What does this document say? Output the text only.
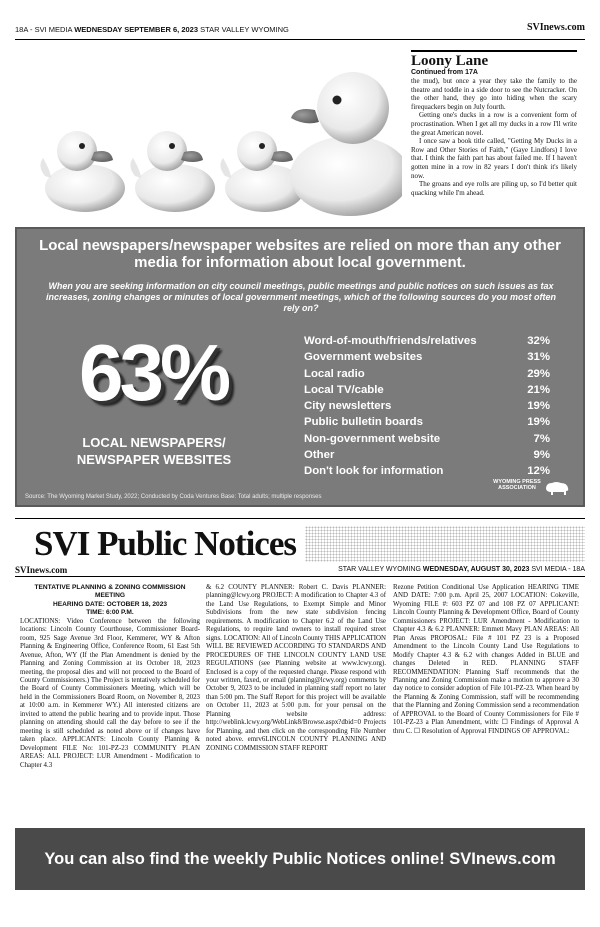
18A - SVI MEDIA WEDNESDAY SEPTEMBER 6, 2023 STAR VALLEY WYOMING	SVInews.com
Loony Lane
Continued from 17A

the mud), but once a year they take the family to the theatre and toddle in a side door to see the Nutcracker. On the other hand, they go into hiding when the scary firequackers begin on July fourth.

Getting one's ducks in a row is a convenient form of procrastination. When I get all my ducks in a row I'll write the great American novel.

I once saw a book title called, "Getting My Ducks in a Row and Other Stories of Faith," (Gaye Lindfors) I love that. I think the faith part has about failed me. If I haven't gotten mine in a row in 82 years I don't think it's likely now.

The groans and eye rolls are piling up, so I'd better quit quacking while I'm ahead.

Local newspapers/newspaper websites are relied on more than any other media for information about local government.
When you are seeking information on city council meetings, public meetings and public notices on such issues as tax increases, zoning changes or minutes of local government meetings, which of the following sources do you most often rely on?
63%
LOCAL NEWSPAPERS/ NEWSPAPER WEBSITES
Word-of-mouth/friends/relatives	32%
Government websites	31%
Local radio	29%
Local TV/cable	21%
City newsletters	19%
Public bulletin boards	19%
Non-government website	7%
Other	9%
Don't look for information	12%
Source: The Wyoming Market Study, 2022; Conducted by Coda Ventures Base: Total adults; multiple responses
WYOMING PRESS ASSOCIATION
SVI Public Notices
SVInews.com	STAR VALLEY WYOMING WEDNESDAY, AUGUST 30, 2023 SVI MEDIA - 18A
TENTATIVE PLANNING & ZONING COMMISSION MEETING
HEARING DATE: OCTOBER 18, 2023
TIME: 6:00 P.M.

LOCATIONS: Video Conference between the following locations: Lincoln County Courthouse, Commissioner Board-room, 925 Sage Avenue 3rd Floor, Kemmerer, WY & Afton Planning & Engineering Office, Conference Room, 61 East 5th Avenue, Afton, WY (If the Plan Amendment is denied by the Planning and Zoning Commission at its October 18, 2023 meeting, the proposal dies and will not proceed to the Board of County Commissioners.) The Project is tentatively scheduled for the Board of County Commissioners Meeting, which will be held in the Commissioners Board Room, on November 8, 2023 at 10:00 a.m. in Kemmerer WY.) All interested citizens are invited to attend the public hearing and to provide input. Those planning on attending should call the day before to see if the meeting is still scheduled as noted above or if changes have taken place. APPLICANTS: Lincoln County Planning & Development FILE No: 101-PZ-23 COMMUNITY PLAN AREAS: ALL PROJECT: LUR Amendment - Modification to Chapter 4.3

& 6.2 COUNTY PLANNER: Robert C. Davis PLANNER: planning@lcwy.org PROJECT: A modification to Chapter 4.3 of the Land Use Regulations, to Exempt Simple and Minor Subdivisions from the new state subdivision fencing requirements. A modification to Chapter 6.2 of the Land Use Regulations, to require land owners to install required street signs. LOCATION: All of Lincoln County THIS APPLICATION WILL BE REVIEWED ACCORDING TO STANDARDS AND PROCEDURES OF THE LINCOLN COUNTY LAND USE REGULATIONS (see Planning website at www.lcwy.org). Enclosed is a copy of the requested change. Please respond with your written, faxed, or email (planning@lcwy.org) comments by October 9, 2023 to be included in planning staff report no later than 5:00 pm. The Staff Report for this project will be available on October 11, 2023 at 5:00 p.m. for your perusal on the Planning website address: http://weblink.lcwy.org/WebLink8/Browse.aspx?dbid=0 Projects for Planning, and then click on the corresponding File Number noted above. emrv6LINCOLN COUNTY PLANNING AND ZONING COMMISSION STAFF REPORT

Rezone Petition Conditional Use Application HEARING TIME AND DATE: 7:00 p.m. April 25, 2007 LOCATION: Cokeville, Wyoming FILE #: 603 PZ 07 and 108 PZ 07 APPLICANT: Lincoln County Planning & Development Office, Board of County Commissioners PROJECT: LUR Amendment - Modification to Chapter 4.3 & 6.2 PLANNER: Emmett Mavy PLAN AREAS: All Plan Areas PROPOSAL: File # 101 PZ 23 is a Proposed Amendment to the Lincoln County Land Use Regulations to Modify Chapter 4.3 & 6.2 with changes Added in BLUE and changes Deleted in RED. PLANNING STAFF RECOMMENDATION: Planning Staff recommends that the Planning and Zoning Commission make a motion to approve a 30 day notice to consider adoption of File 101-PZ-23. When heard by the Planning & Zoning Commission, staff will be recommending that the Planning and Zoning Commission send a recommendation of APPROVAL to the Board of County Commissioners for File # 101-PZ-23 a Plan Amendment, with: ☐ Findings of Approval A thru C. ☐ Resolution of Approval FINDINGS OF APPROVAL:

You can also find the weekly Public Notices online! SVInews.com
